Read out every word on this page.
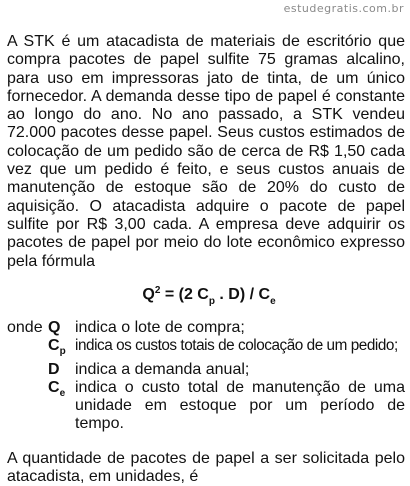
estudegratis.com.br

A STK é um atacadista de materiais de escritório que compra pacotes de papel sulfite 75 gramas alcalino, para uso em impressoras jato de tinta, de um único fornecedor. A demanda desse tipo de papel é constante ao longo do ano. No ano passado, a STK vendeu 72.000 pacotes desse papel. Seus custos estimados de colocação de um pedido são de cerca de R$ 1,50 cada vez que um pedido é feito, e seus custos anuais de manutenção de estoque são de 20% do custo de aquisição. O atacadista adquire o pacote de papel sulfite por R$ 3,00 cada. A empresa deve adquirir os pacotes de papel por meio do lote econômico expresso pela fórmula

$Q^2 = (2$ $C_p$ . $D) / C_e$
onde Q indica o lote de compra;
$C_p$ indica os custos totais de colocação de um pedido;
D indica a demanda anual;
$C_e$ indica o custo total de manutenção de uma unidade em estoque por um período de tempo.

A quantidade de pacotes de papel a ser solicitada pelo atacadista, em unidades, é
